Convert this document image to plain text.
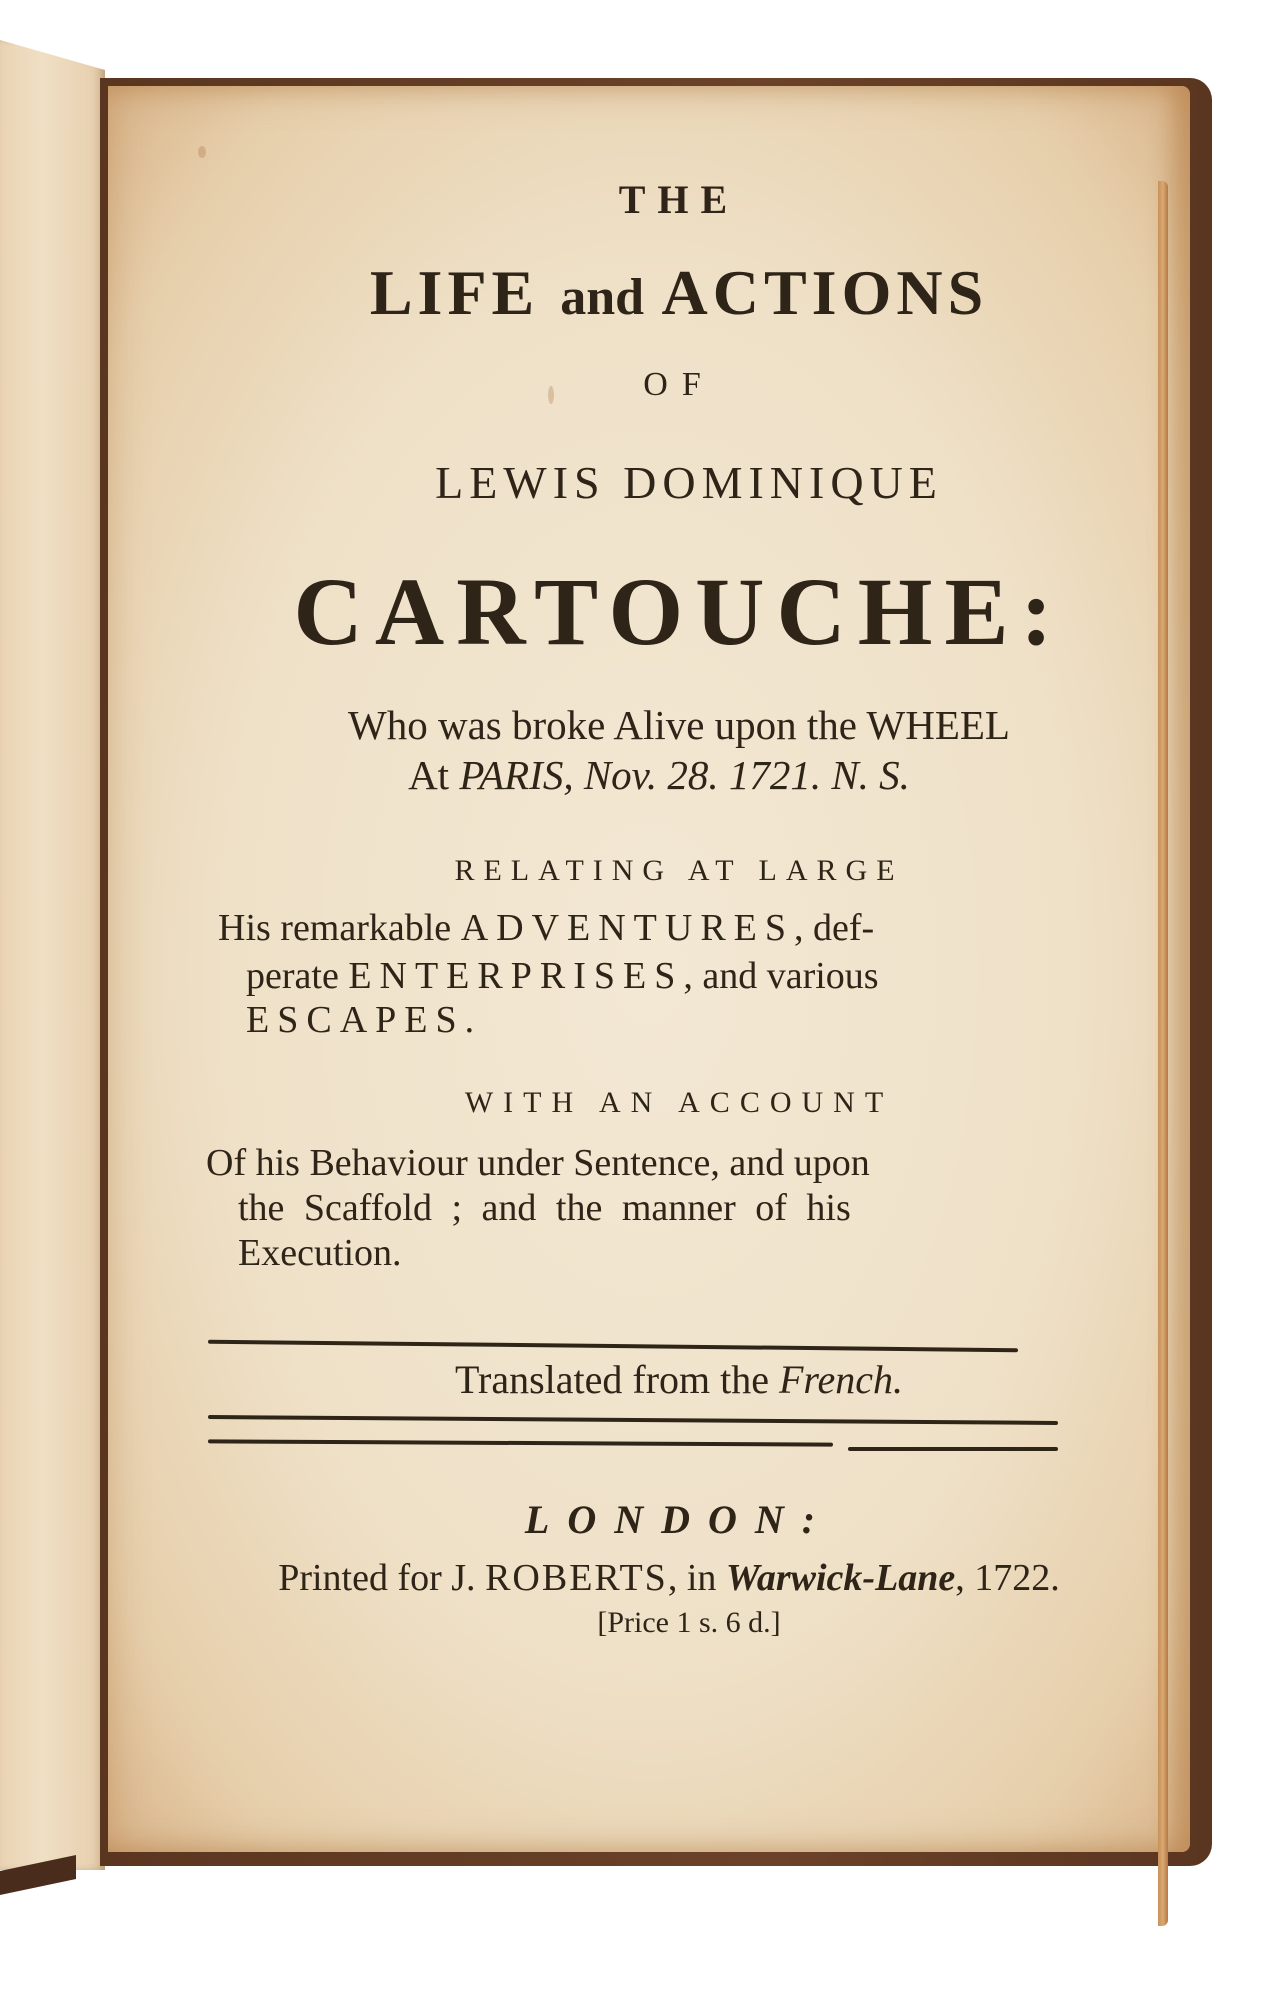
THE
LIFE and ACTIONS
OF
LEWIS DOMINIQUE
CARTOUCHE:
Who was broke Alive upon the WHEEL
At PARIS, Nov. 28. 1721. N. S.
RELATING AT LARGE
His remarkable ADVENTURES, def-
perate ENTERPRISES, and various
ESCAPES.
WITH AN ACCOUNT
Of his Behaviour under Sentence, and upon
the Scaffold ; and the manner of his
Execution.
Translated from the French.
LONDON:
Printed for J. ROBERTS, in Warwick-Lane, 1722.
[Price 1 s. 6 d.]
